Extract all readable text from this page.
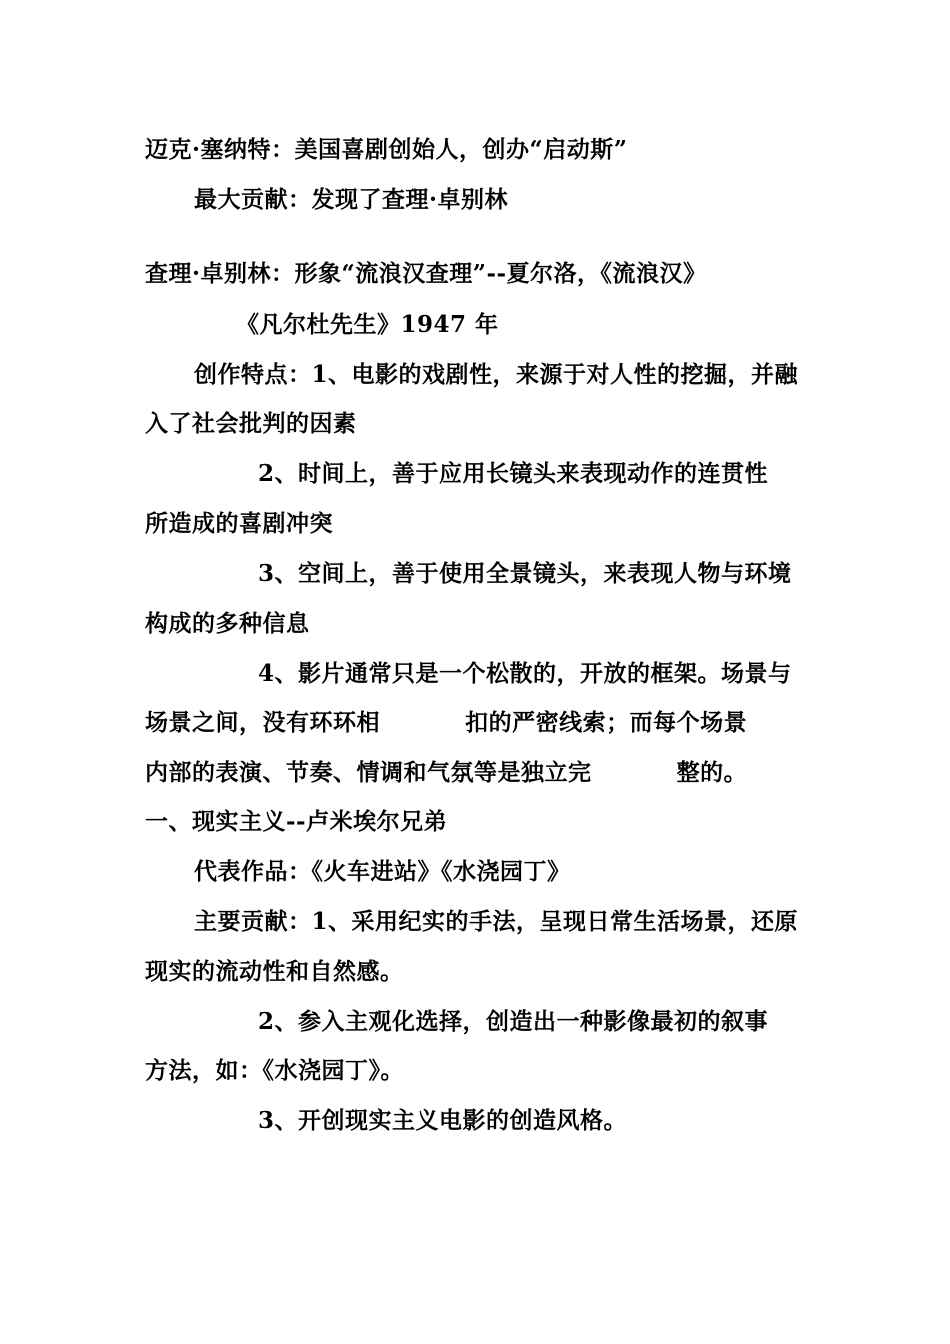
迈克·塞纳特：美国喜剧创始人，创办“启动斯”
最大贡献：发现了查理·卓别林
查理·卓别林：形象“流浪汉查理”--夏尔洛，《流浪汉》
《凡尔杜先生》1947 年
创作特点：1、电影的戏剧性，来源于对人性的挖掘，并融
入了社会批判的因素
2、时间上，善于应用长镜头来表现动作的连贯性
所造成的喜剧冲突
3、空间上，善于使用全景镜头，来表现人物与环境
构成的多种信息
4、影片通常只是一个松散的，开放的框架。场景与
场景之间，没有环环相          扣的严密线索；而每个场景
内部的表演、节奏、情调和气氛等是独立完          整的。
一、现实主义--卢米埃尔兄弟
代表作品：《火车进站》《水浇园丁》
主要贡献：1、采用纪实的手法，呈现日常生活场景，还原
现实的流动性和自然感。
2、参入主观化选择，创造出一种影像最初的叙事
方法，如：《水浇园丁》。
3、开创现实主义电影的创造风格。
